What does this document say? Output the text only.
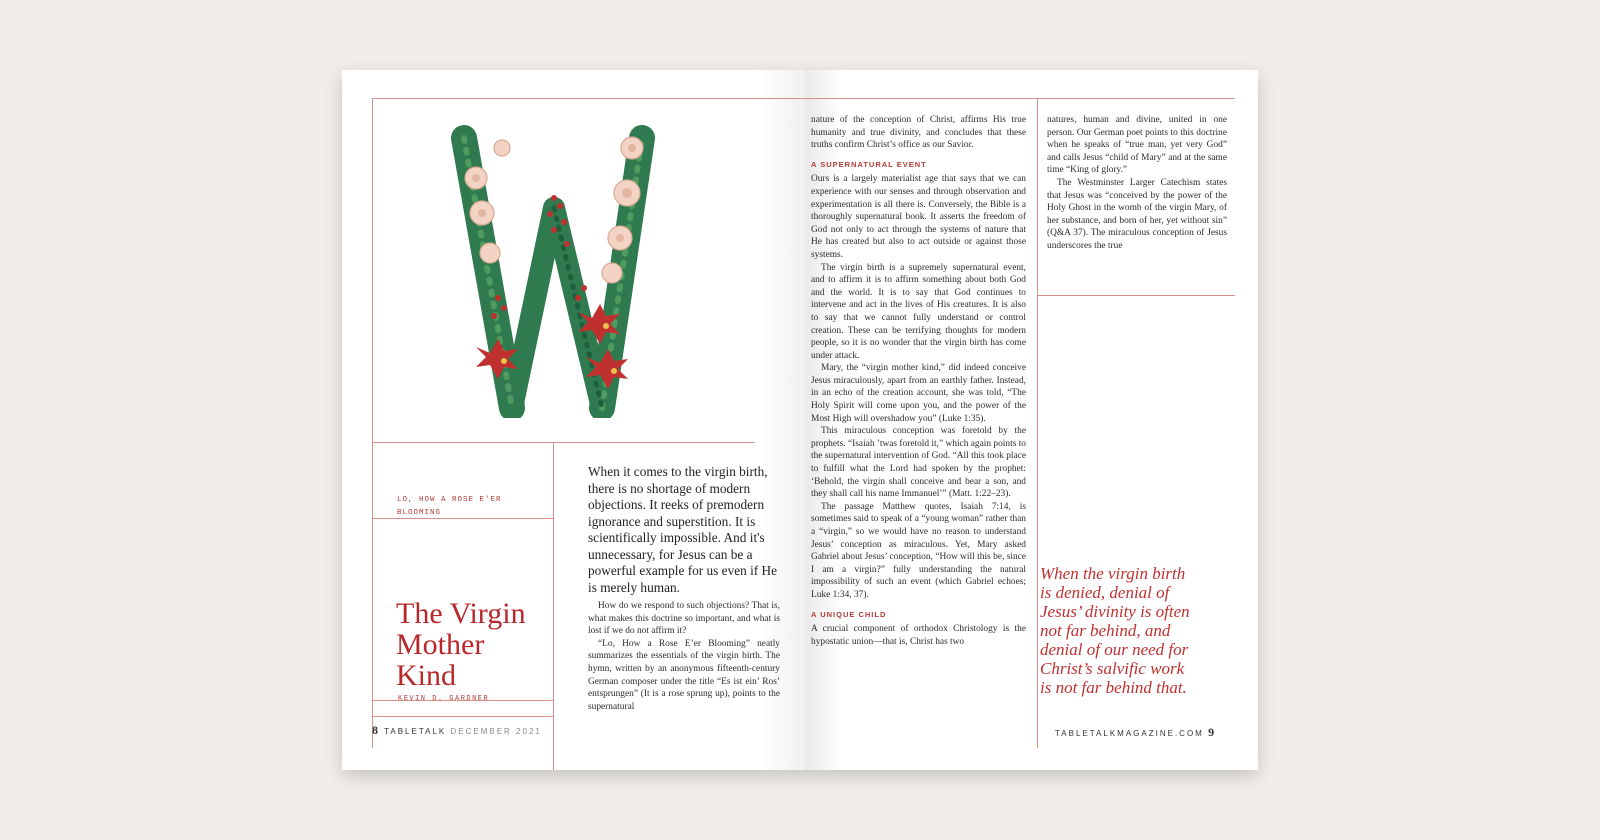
LO, HOW A ROSE E'ER BLOOMING
The Virgin
Mother
Kind
KEVIN D. GARDNER
8 TABLETALK DECEMBER 2021
When it comes to the virgin birth, there is no shortage of modern objections. It reeks of premodern ignorance and superstition. It is scientifically impossible. And it's unnecessary, for Jesus can be a powerful example for us even if He is merely human.

How do we respond to such objections? That is, what makes this doctrine so important, and what is lost if we do not affirm it?

“Lo, How a Rose E’er Blooming” neatly summarizes the essentials of the virgin birth. The hymn, written by an anonymous fifteenth-century German composer under the title “Es ist ein’ Ros’ entsprungen” (It is a rose sprung up), points to the supernatural

nature of the conception of Christ, affirms His true humanity and true divinity, and concludes that these truths confirm Christ’s office as our Savior.

A SUPERNATURAL EVENT

Ours is a largely materialist age that says that we can experience with our senses and through observation and experimentation is all there is. Conversely, the Bible is a thoroughly supernatural book. It asserts the freedom of God not only to act through the systems of nature that He has created but also to act outside or against those systems.

The virgin birth is a supremely supernatural event, and to affirm it is to affirm something about both God and the world. It is to say that God continues to intervene and act in the lives of His creatures. It is also to say that we cannot fully understand or control creation. These can be terrifying thoughts for modern people, so it is no wonder that the virgin birth has come under attack.

Mary, the “virgin mother kind,” did indeed conceive Jesus miraculously, apart from an earthly father. Instead, in an echo of the creation account, she was told, “The Holy Spirit will come upon you, and the power of the Most High will overshadow you” (Luke 1:35).

This miraculous conception was foretold by the prophets. “Isaiah ’twas foretold it,” which again points to the supernatural intervention of God. “All this took place to fulfill what the Lord had spoken by the prophet: ‘Behold, the virgin shall conceive and bear a son, and they shall call his name Immanuel’” (Matt. 1:22–23).

The passage Matthew quotes, Isaiah 7:14, is sometimes said to speak of a “young woman” rather than a “virgin,” so we would have no reason to understand Jesus’ conception as miraculous. Yet, Mary asked Gabriel about Jesus’ conception, “How will this be, since I am a virgin?” fully understanding the natural impossibility of such an event (which Gabriel echoes; Luke 1:34, 37).

A UNIQUE CHILD

A crucial component of orthodox Christology is the hypostatic union—that is, Christ has two

natures, human and divine, united in one person. Our German poet points to this doctrine when he speaks of “true man, yet very God” and calls Jesus “child of Mary” and at the same time “King of glory.”

The Westminster Larger Catechism states that Jesus was “conceived by the power of the Holy Ghost in the womb of the virgin Mary, of her substance, and born of her, yet without sin” (Q&A 37). The miraculous conception of Jesus underscores the true

TABLETALKMAGAZINE.COM 9
When the virgin birth is denied, denial of Jesus’ divinity is often not far behind, and denial of our need for Christ’s salvific work is not far behind that.
